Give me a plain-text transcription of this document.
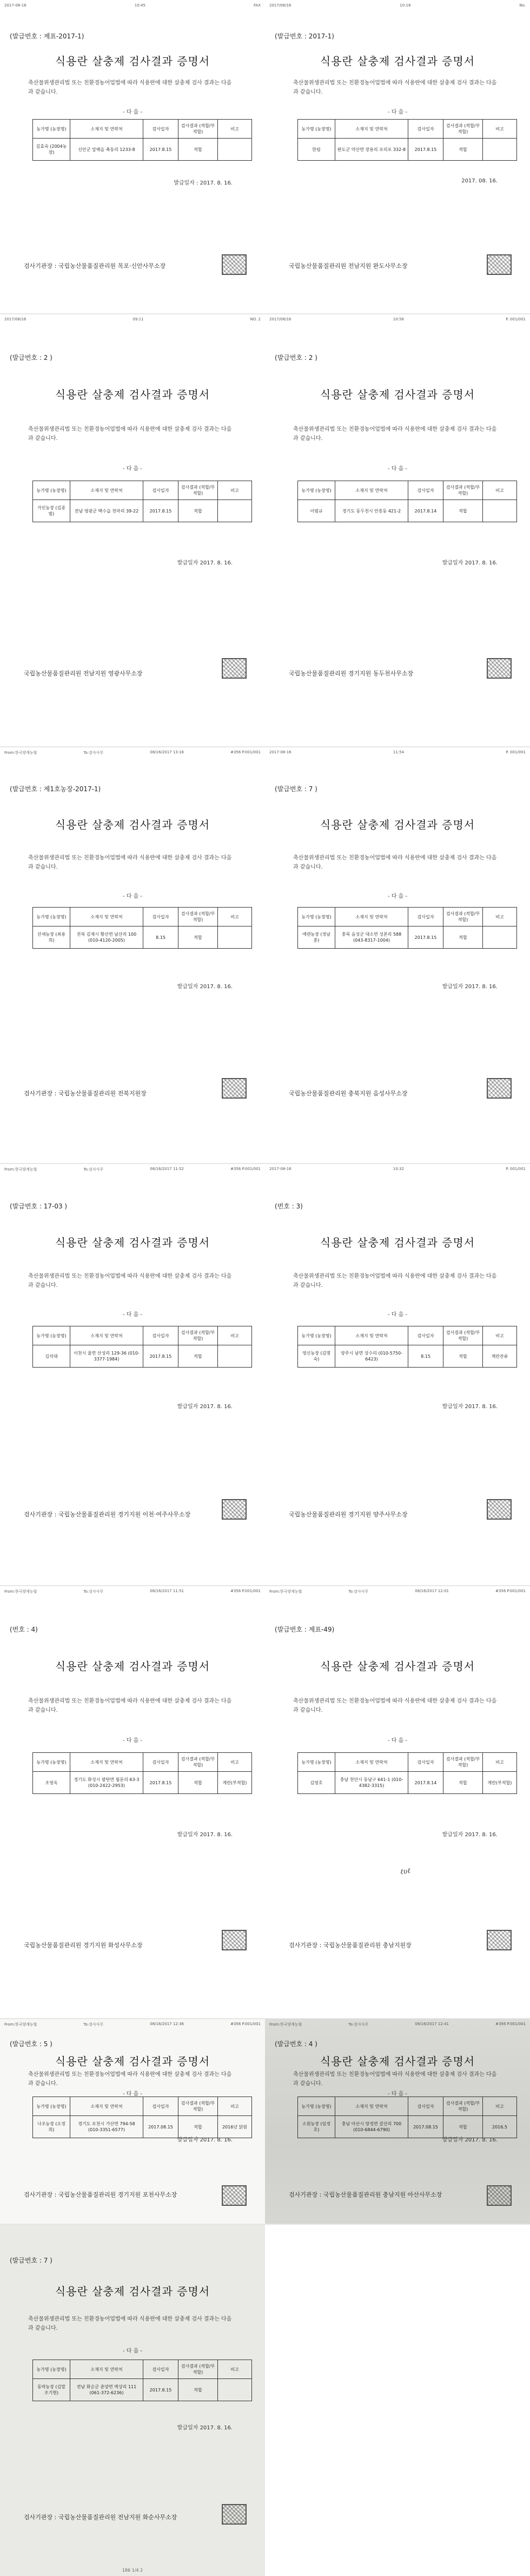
2017-08-16	10:45	FAX
(발급번호 : 제표-2017-1)
식용란 살충제 검사결과 증명서
축산물위생관리법 또는 친환경농어업법에 따라 식용란에 대한 살충제 검사 결과는 다음과 같습니다.
- 다 음 -
농가명 (농장명)	소재지 및 연락처	검사일자	검사결과 (적합/부적합)	비고
김효숙 (2004농장)	신안군 압해읍 축동리 1233-8	2017.8.15	적합	
발급일자 : 2017. 8. 16.
검사기관장 : 국립농산물품질관리원 목포·신안사무소장
2017/08/16	10:18	No.
(발급번호 : 2017-1)
식용란 살충제 검사결과 증명서
축산물위생관리법 또는 친환경농어업법에 따라 식용란에 대한 살충제 검사 결과는 다음과 같습니다.
- 다 음 -
농가명 (농장명)	소재지 및 연락처	검사일자	검사결과 (적합/부적합)	비고
한림	완도군 약산면 장용리 포리포 332-8	2017.8.15	적합	
2017. 08. 16.
국립농산물품질관리원 전남지원 완도사무소장
2017/08/16	09:11	NO. 2
(발급번호 : 2 )
식용란 살충제 검사결과 증명서
축산물위생관리법 또는 친환경농어업법에 따라 식용란에 대한 살충제 검사 결과는 다음과 같습니다.
- 다 음 -
농가명 (농장명)	소재지 및 연락처	검사일자	검사결과 (적합/부적합)	비고
가인농장 (김종범)	전남 영광군 백수읍 천마리 39-22	2017.8.15	적합	
발급일자 2017. 8. 16.
국립농산물품질관리원 전남지원 영광사무소장
2017/08/16	10:56	P. 001/001
(발급번호 : 2 )
식용란 살충제 검사결과 증명서
축산물위생관리법 또는 친환경농어업법에 따라 식용란에 대한 살충제 검사 결과는 다음과 같습니다.
- 다 음 -
농가명 (농장명)	소재지 및 연락처	검사일자	검사결과 (적합/부적합)	비고
이범규	경기도 동두천시 안흥동 421-2	2017.8.14	적합	
발급일자 2017. 8. 16.
국립농산물품질관리원 경기지원 동두천사무소장
From:한국양계농협	To:검사사무	08/16/2017 13:16	#356 P.001/001
(발급번호 : 제1호농장-2017-1)
식용란 살충제 검사결과 증명서
축산물위생관리법 또는 친환경농어업법에 따라 식용란에 대한 살충제 검사 결과는 다음과 같습니다.
- 다 음 -
농가명 (농장명)	소재지 및 연락처	검사일자	검사결과 (적합/부적합)	비고
산새농장 (최용희)	전북 김제시 황산면 남산리 100 (010-4120-2005)	8.15	적합	
발급일자 2017. 8. 16.
검사기관장 : 국립농산물품질관리원 전북지원장
2017-08-16	11:54	P. 001/001
(발급번호 : 7 )
식용란 살충제 검사결과 증명서
축산물위생관리법 또는 친환경농어업법에 따라 식용란에 대한 살충제 검사 결과는 다음과 같습니다.
- 다 음 -
농가명 (농장명)	소재지 및 연락처	검사일자	검사결과 (적합/부적합)	비고
에덴농장 (정남훈)	충북 음성군 대소면 성본리 588 (043-8317-1004)	2017.8.15	적합	
발급일자 2017. 8. 16.
국립농산물품질관리원 충북지원 음성사무소장
From:한국양계농협	To:검사사무	08/16/2017 11:52	#356 P.001/001
(발급번호 : 17-03 )
식용란 살충제 검사결과 증명서
축산물위생관리법 또는 친환경농어업법에 따라 식용란에 대한 살충제 검사 결과는 다음과 같습니다.
- 다 음 -
농가명 (농장명)	소재지 및 연락처	검사일자	검사결과 (적합/부적합)	비고
김석대	이천시 율면 산성리 129-36 (010-3377-1984)	2017.8.15	적합	
발급일자 2017. 8. 16.
검사기관장 : 국립농산물품질관리원 경기지원 이천·여주사무소장
2017-08-16	10:32	P. 001/001
(번호 : 3)
식용란 살충제 검사결과 증명서
축산물위생관리법 또는 친환경농어업법에 따라 식용란에 대한 살충제 검사 결과는 다음과 같습니다.
- 다 음 -
농가명 (농장명)	소재지 및 연락처	검사일자	검사결과 (적합/부적합)	비고
영신농장 (김명숙)	양주시 남면 상수리 (010-5750-6423)	8.15	적합	계란잔류
발급일자 2017. 8. 16.
국립농산물품질관리원 경기지원 양주사무소장
From:한국양계농협	To:검사사무	08/16/2017 11:51	#356 P.001/001
(번호 : 4)
식용란 살충제 검사결과 증명서
축산물위생관리법 또는 친환경농어업법에 따라 식용란에 대한 살충제 검사 결과는 다음과 같습니다.
- 다 음 -
농가명 (농장명)	소재지 및 연락처	검사일자	검사결과 (적합/부적합)	비고
조영옥	경기도 화성시 팔탄면 월문리 63-3 (010-2422-2953)	2017.8.15	적합	계란(부적합)
발급일자 2017. 8. 16.
국립농산물품질관리원 경기지원 화성사무소장
From:한국양계농협	To:검사사무	08/16/2017 12:01	#356 P.001/001
(발급번호 : 제표-49)
식용란 살충제 검사결과 증명서
축산물위생관리법 또는 친환경농어업법에 따라 식용란에 대한 살충제 검사 결과는 다음과 같습니다.
- 다 음 -
농가명 (농장명)	소재지 및 연락처	검사일자	검사결과 (적합/부적합)	비고
김영호	충남 천안시 동남구 641-1 (010-4382-3315)	2017.8.14	적합	계란(부적합)
발급일자 2017. 8. 16.
검사기관장 : 국립농산물품질관리원 충남지원장
From:한국양계농협	To:검사사무	08/16/2017 12:36	#356 P.001/001
(발급번호 : 5 )
식용란 살충제 검사결과 증명서
축산물위생관리법 또는 친환경농어업법에 따라 식용란에 대한 살충제 검사 결과는 다음과 같습니다.
- 다 음 -
농가명 (농장명)	소재지 및 연락처	검사일자	검사결과 (적합/부적합)	비고
나조농장 (오정희)	경기도 포천시 가산면 794-58 (010-3351-6577)	2017.08.15	적합	2016년 닭원
발급일자 2017. 8. 16.
검사기관장 : 국립농산물품질관리원 경기지원 포천사무소장
From:한국양계농협	To:검사사무	08/16/2017 12:41	#356 P.001/001
(발급번호 : 4 )
식용란 살충제 검사결과 증명서
축산물위생관리법 또는 친환경농어업법에 따라 식용란에 대한 살충제 검사 결과는 다음과 같습니다.
- 다 음 -
농가명 (농장명)	소재지 및 연락처	검사일자	검사결과 (적합/부적합)	비고
소원농장 (임정호)	충남 아산시 탕정면 갈산리 700 (010-6844-6790)	2017.08.15	적합	2016.5
발급일자 2017. 8. 16.
검사기관장 : 국립농산물품질관리원 충남지원 아산사무소장
(발급번호 : 7 )
식용란 살충제 검사결과 증명서
축산물위생관리법 또는 친환경농어업법에 따라 식용란에 대한 살충제 검사 결과는 다음과 같습니다.
- 다 음 -
농가명 (농장명)	소재지 및 연락처	검사일자	검사결과 (적합/부적합)	비고
동락농장 (김말 조기현)	전남 화순군 춘양면 벽상리 111 (061-372-6236)	2017.8.15	적합	
발급일자 2017. 8. 16.
검사기관장 : 국립농산물품질관리원 전남지원 화순사무소장
186 1/4 2
ℓυℓ
